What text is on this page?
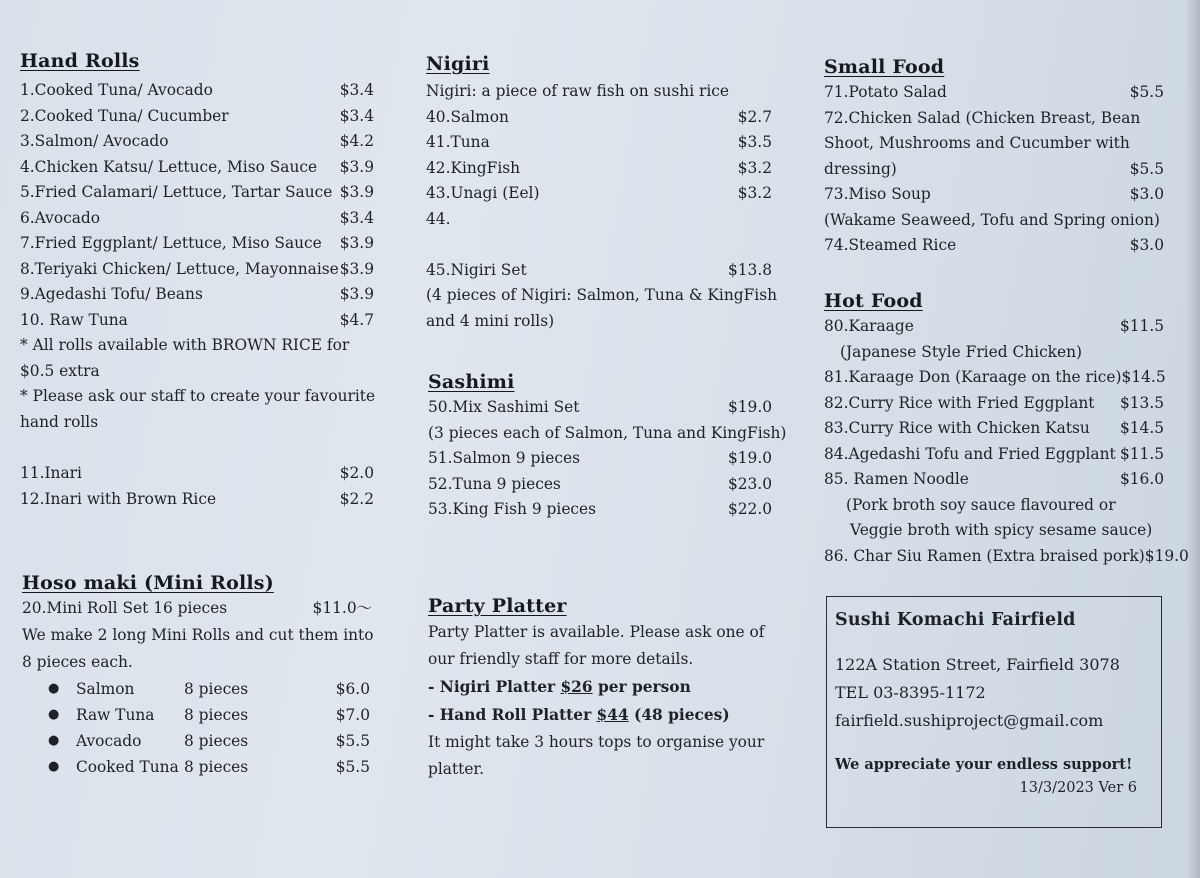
Hand Rolls
1.Cooked Tuna/ Avocado	$3.4
2.Cooked Tuna/ Cucumber	$3.4
3.Salmon/ Avocado	$4.2
4.Chicken Katsu/ Lettuce, Miso Sauce $3.9
5.Fried Calamari/ Lettuce, Tartar Sauce $3.9
6.Avocado	$3.4
7.Fried Eggplant/ Lettuce, Miso Sauce $3.9
8.Teriyaki Chicken/ Lettuce, Mayonnaise $3.9
9.Agedashi Tofu/ Beans	$3.9
10. Raw Tuna	$4.7
* All rolls available with BROWN RICE for
$0.5 extra
* Please ask our staff to create your favourite
hand rolls
11.Inari	$2.0
12.Inari with Brown Rice	$2.2
Hoso maki (Mini Rolls)
20.Mini Roll Set 16 pieces	$11.0～
We make 2 long Mini Rolls and cut them into
8 pieces each.
●	Salmon	8 pieces	$6.0
●	Raw Tuna	8 pieces	$7.0
●	Avocado	8 pieces	$5.5
●	Cooked Tuna 8 pieces	$5.5
Nigiri
Nigiri: a piece of raw fish on sushi rice
40.Salmon	$2.7
41.Tuna	$3.5
42.KingFish	$3.2
43.Unagi (Eel)	$3.2
44.
45.Nigiri Set	$13.8
(4 pieces of Nigiri: Salmon, Tuna & KingFish
and 4 mini rolls)
Sashimi
50.Mix Sashimi Set	$19.0
(3 pieces each of Salmon, Tuna and KingFish)
51.Salmon 9 pieces	$19.0
52.Tuna 9 pieces	$23.0
53.King Fish 9 pieces	$22.0
Party Platter
Party Platter is available. Please ask one of
our friendly staff for more details.
- Nigiri Platter $26 per person
- Hand Roll Platter $44 (48 pieces)
It might take 3 hours tops to organise your
platter.
Small Food
71.Potato Salad	$5.5
72.Chicken Salad (Chicken Breast, Bean
Shoot, Mushrooms and Cucumber with
dressing)	$5.5
73.Miso Soup	$3.0
(Wakame Seaweed, Tofu and Spring onion)
74.Steamed Rice	$3.0
Hot Food
80.Karaage	$11.5
(Japanese Style Fried Chicken)
81.Karaage Don (Karaage on the rice) $14.5
82.Curry Rice with Fried Eggplant $13.5
83.Curry Rice with Chicken Katsu $14.5
84.Agedashi Tofu and Fried Eggplant $11.5
85. Ramen Noodle	$16.0
(Pork broth soy sauce flavoured or
Veggie broth with spicy sesame sauce)
86. Char Siu Ramen (Extra braised pork) $19.0
Sushi Komachi Fairfield
122A Station Street, Fairfield 3078
TEL 03-8395-1172
fairfield.sushiproject@gmail.com
We appreciate your endless support!
13/3/2023 Ver 6
